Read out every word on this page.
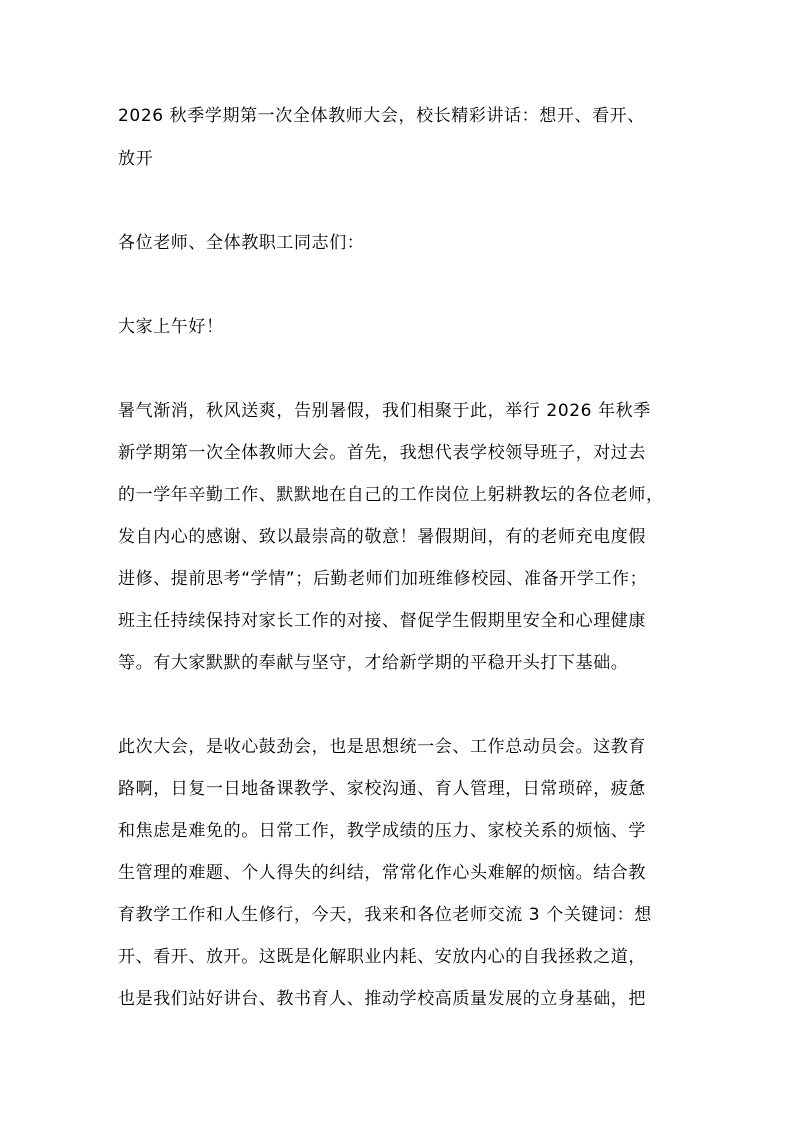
2026 秋季学期第一次全体教师大会，校长精彩讲话：想开、看开、
放开
各位老师、全体教职工同志们：
大家上午好！
暑气渐消，秋风送爽，告别暑假，我们相聚于此，举行 2026 年秋季
新学期第一次全体教师大会。首先，我想代表学校领导班子，对过去
的一学年辛勤工作、默默地在自己的工作岗位上躬耕教坛的各位老师，
发自内心的感谢、致以最崇高的敬意！暑假期间，有的老师充电度假
进修、提前思考“学情”；后勤老师们加班维修校园、准备开学工作；
班主任持续保持对家长工作的对接、督促学生假期里安全和心理健康
等。有大家默默的奉献与坚守，才给新学期的平稳开头打下基础。
此次大会，是收心鼓劲会，也是思想统一会、工作总动员会。这教育
路啊，日复一日地备课教学、家校沟通、育人管理，日常琐碎，疲惫
和焦虑是难免的。日常工作，教学成绩的压力、家校关系的烦恼、学
生管理的难题、个人得失的纠结，常常化作心头难解的烦恼。结合教
育教学工作和人生修行，今天，我来和各位老师交流 3 个关键词：想
开、看开、放开。这既是化解职业内耗、安放内心的自我拯救之道，
也是我们站好讲台、教书育人、推动学校高质量发展的立身基础，把
